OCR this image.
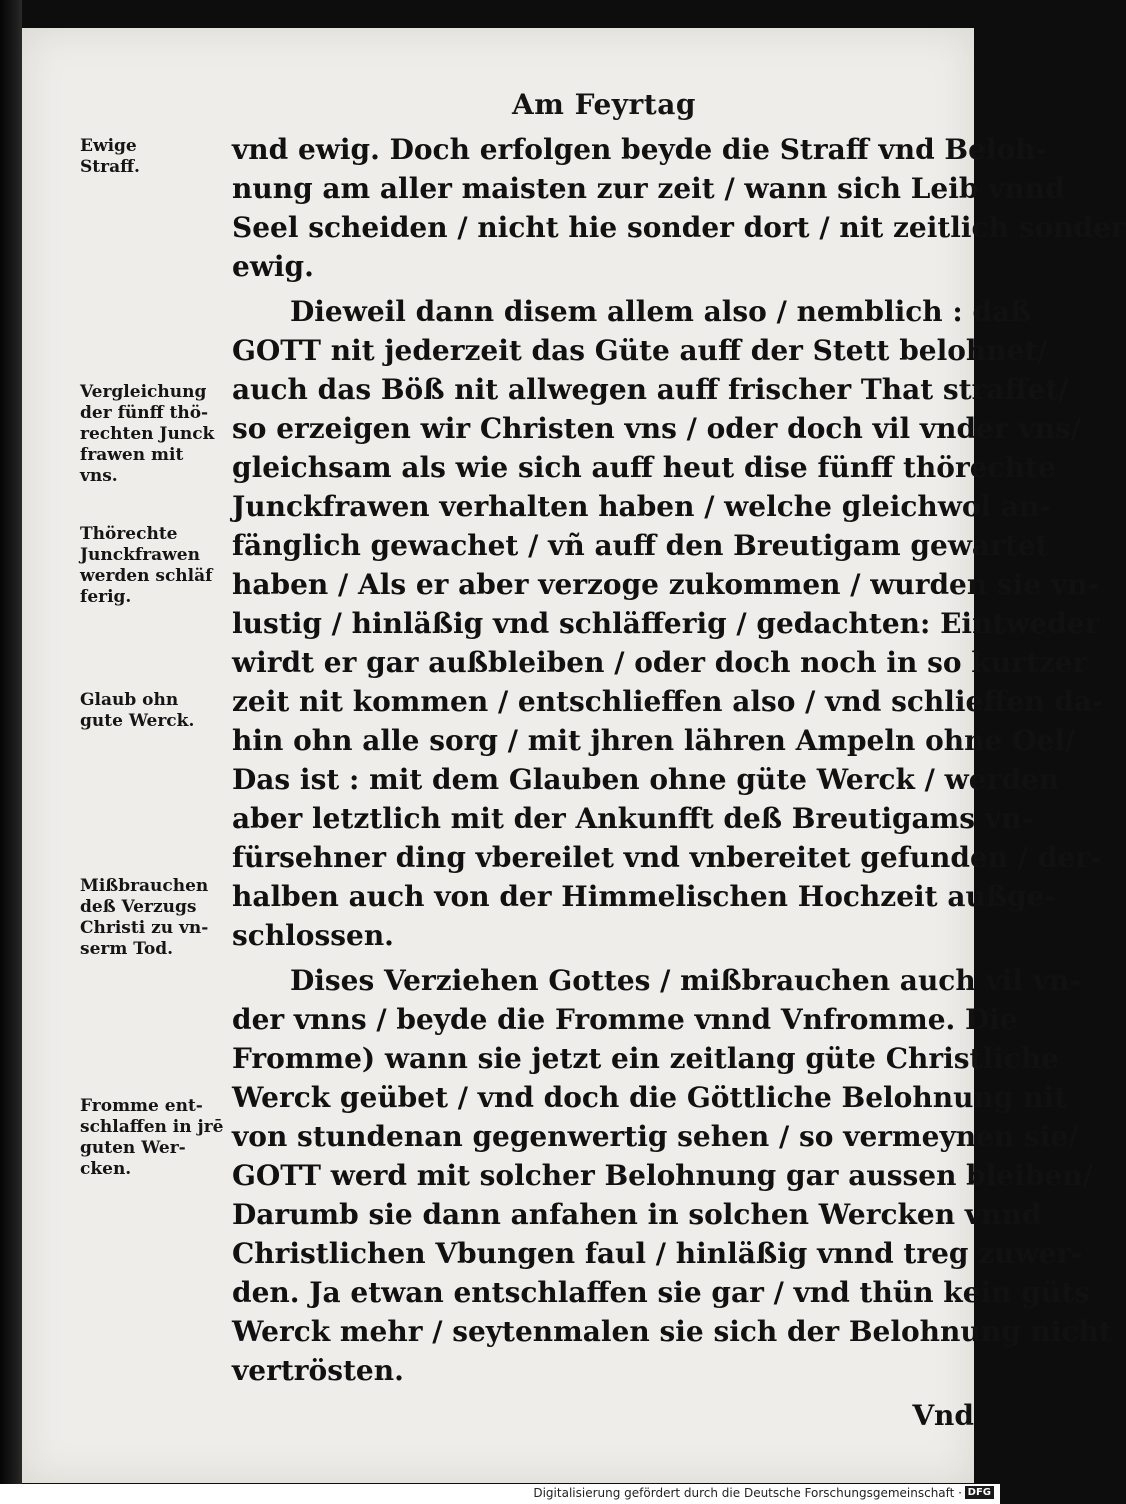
Am Feyrtag
vnd ewig. Doch erfolgen beyde die Straff vnd Beloh-
nung am aller maisten zur zeit / wann sich Leib vnnd
Seel scheiden / nicht hie sonder dort / nit zeitlich sonder
ewig.
Dieweil dann disem allem also / nemblich : daß
GOTT nit jederzeit das Güte auff der Stett belohnet/
auch das Böß nit allwegen auff frischer That straffet/
so erzeigen wir Christen vns / oder doch vil vnder vns/
gleichsam als wie sich auff heut dise fünff thörechte
Junckfrawen verhalten haben / welche gleichwol an-
fänglich gewachet / vñ auff den Breutigam gewartet
haben / Als er aber verzoge zukommen / wurden sie vn-
lustig / hinläßig vnd schläfferig / gedachten: Eintweder
wirdt er gar außbleiben / oder doch noch in so kurtzer
zeit nit kommen / entschlieffen also / vnd schlieffen da-
hin ohn alle sorg / mit jhren lähren Ampeln ohne Oel/
Das ist : mit dem Glauben ohne güte Werck / werden
aber letztlich mit der Ankunfft deß Breutigams vn-
fürsehner ding vbereilet vnd vnbereitet gefunden / der-
halben auch von der Himmelischen Hochzeit außge-
schlossen.
Dises Verziehen Gottes / mißbrauchen auch vil vn-
der vnns / beyde die Fromme vnnd Vnfromme. Die
Fromme) wann sie jetzt ein zeitlang güte Christliche
Werck geübet / vnd doch die Göttliche Belohnung nit
von stundenan gegenwertig sehen / so vermeynen sie/
GOTT werd mit solcher Belohnung gar aussen bleiben/
Darumb sie dann anfahen in solchen Wercken vnnd
Christlichen Vbungen faul / hinläßig vnnd treg zuwer-
den. Ja etwan entschlaffen sie gar / vnd thün kein güts
Werck mehr / seytenmalen sie sich der Belohnung nicht
vertrösten.
Vnd
Ewige
Straff.
Vergleichung
der fünff thö-
rechten Junck
frawen mit
vns.
Thörechte
Junckfrawen
werden schläf
ferig.
Glaub ohn
gute Werck.
Mißbrauchen
deß Verzugs
Christi zu vn-
serm Tod.
Fromme ent-
schlaffen in jrē
guten Wer-
cken.
Digitalisierung gefördert durch die Deutsche Forschungsgemeinschaft · DFG
